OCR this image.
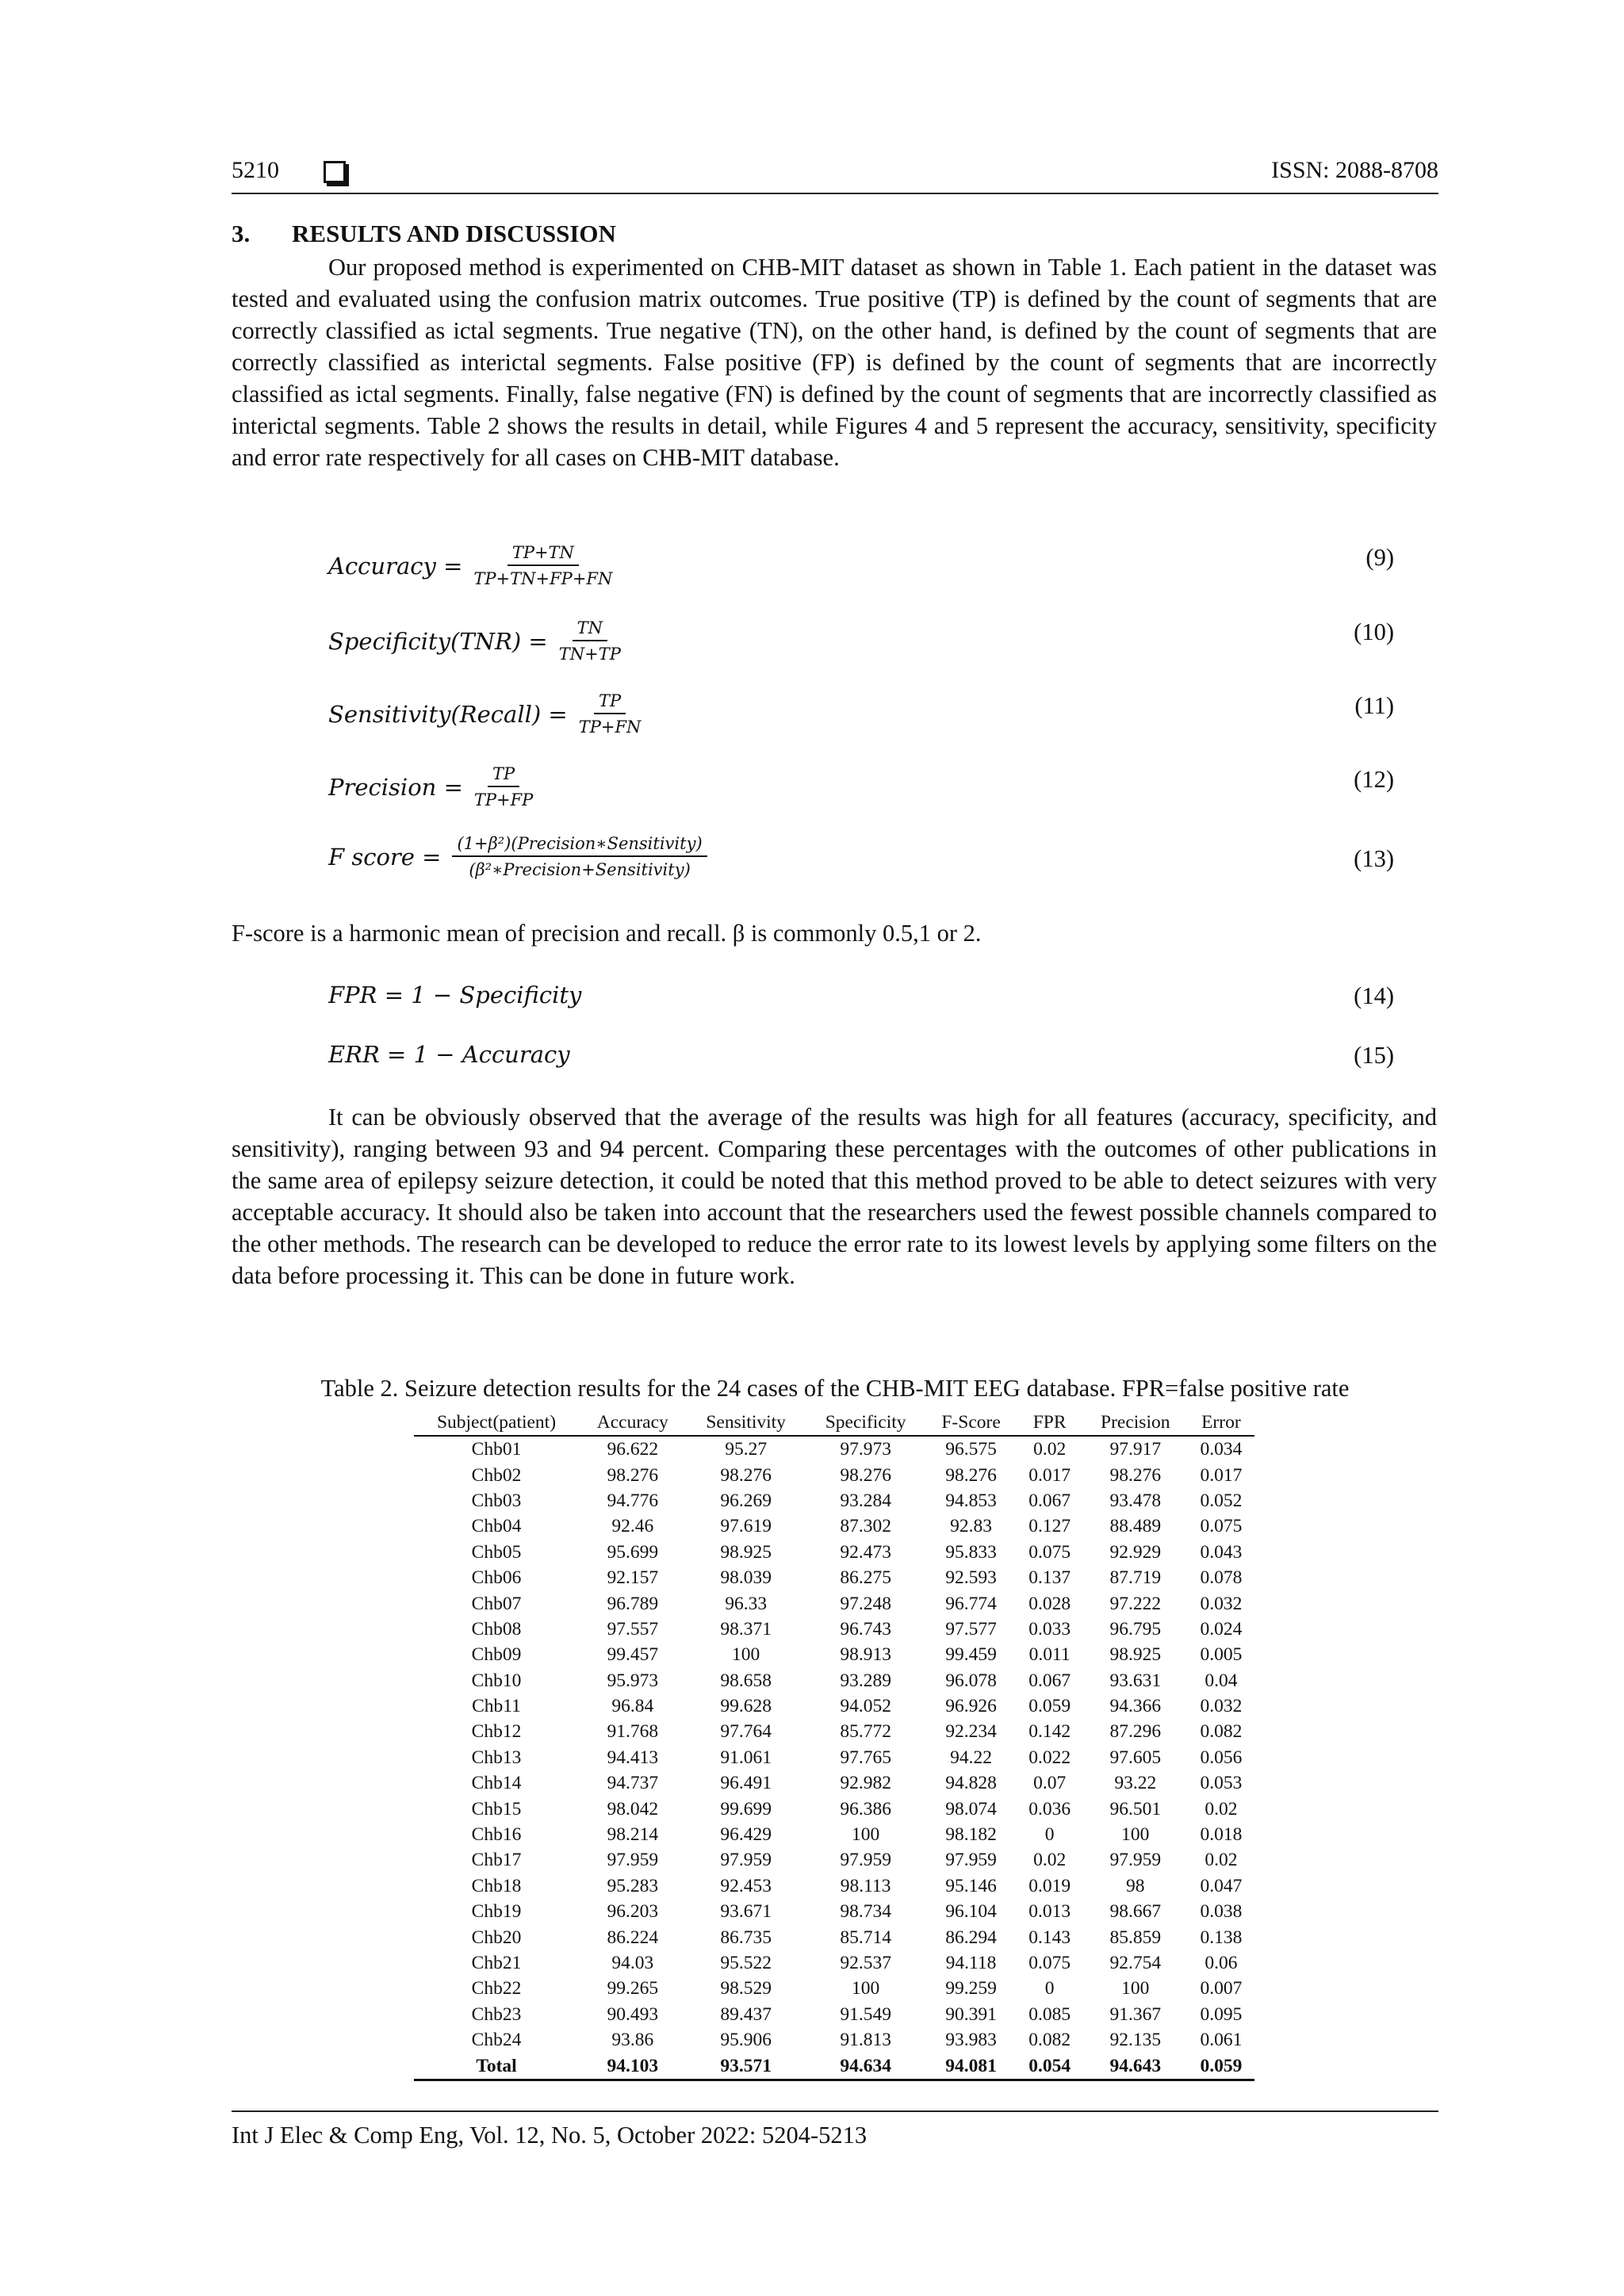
5210	ISSN: 2088-8708
3. RESULTS AND DISCUSSION
Our proposed method is experimented on CHB-MIT dataset as shown in Table 1. Each patient in the dataset was tested and evaluated using the confusion matrix outcomes. True positive (TP) is defined by the count of segments that are correctly classified as ictal segments. True negative (TN), on the other hand, is defined by the count of segments that are correctly classified as interictal segments. False positive (FP) is defined by the count of segments that are incorrectly classified as ictal segments. Finally, false negative (FN) is defined by the count of segments that are incorrectly classified as interictal segments. Table 2 shows the results in detail, while Figures 4 and 5 represent the accuracy, sensitivity, specificity and error rate respectively for all cases on CHB-MIT database.
Accuracy = $\frac{TP+TN}{TP+TN+FP+FN}$	(9)
Specificity(TNR) = $\frac{TN}{TN+TP}$	(10)
Sensitivity(Recall) = $\frac{TP}{TP+FN}$	(11)
Precision = $\frac{TP}{TP+FP}$	(12)
F score = $\frac{\text{(1+β²)(Precision∗Sensitivity)}}{\text{(β²∗Precision+Sensitivity)}}$	(13)
F-score is a harmonic mean of precision and recall. β is commonly 0.5,1 or 2.
FPR = 1 − Specificity	(14)
ERR = 1 − Accuracy	(15)
It can be obviously observed that the average of the results was high for all features (accuracy, specificity, and sensitivity), ranging between 93 and 94 percent. Comparing these percentages with the outcomes of other publications in the same area of epilepsy seizure detection, it could be noted that this method proved to be able to detect seizures with very acceptable accuracy. It should also be taken into account that the researchers used the fewest possible channels compared to the other methods. The research can be developed to reduce the error rate to its lowest levels by applying some filters on the data before processing it. This can be done in future work.
Table 2. Seizure detection results for the 24 cases of the CHB-MIT EEG database. FPR=false positive rate
Subject(patient)	Accuracy	Sensitivity	Specificity	F-Score	FPR	Precision	Error
Chb01	96.622	95.27	97.973	96.575	0.02	97.917	0.034
Chb02	98.276	98.276	98.276	98.276	0.017	98.276	0.017
Chb03	94.776	96.269	93.284	94.853	0.067	93.478	0.052
Chb04	92.46	97.619	87.302	92.83	0.127	88.489	0.075
Chb05	95.699	98.925	92.473	95.833	0.075	92.929	0.043
Chb06	92.157	98.039	86.275	92.593	0.137	87.719	0.078
Chb07	96.789	96.33	97.248	96.774	0.028	97.222	0.032
Chb08	97.557	98.371	96.743	97.577	0.033	96.795	0.024
Chb09	99.457	100	98.913	99.459	0.011	98.925	0.005
Chb10	95.973	98.658	93.289	96.078	0.067	93.631	0.04
Chb11	96.84	99.628	94.052	96.926	0.059	94.366	0.032
Chb12	91.768	97.764	85.772	92.234	0.142	87.296	0.082
Chb13	94.413	91.061	97.765	94.22	0.022	97.605	0.056
Chb14	94.737	96.491	92.982	94.828	0.07	93.22	0.053
Chb15	98.042	99.699	96.386	98.074	0.036	96.501	0.02
Chb16	98.214	96.429	100	98.182	0	100	0.018
Chb17	97.959	97.959	97.959	97.959	0.02	97.959	0.02
Chb18	95.283	92.453	98.113	95.146	0.019	98	0.047
Chb19	96.203	93.671	98.734	96.104	0.013	98.667	0.038
Chb20	86.224	86.735	85.714	86.294	0.143	85.859	0.138
Chb21	94.03	95.522	92.537	94.118	0.075	92.754	0.06
Chb22	99.265	98.529	100	99.259	0	100	0.007
Chb23	90.493	89.437	91.549	90.391	0.085	91.367	0.095
Chb24	93.86	95.906	91.813	93.983	0.082	92.135	0.061
Total	94.103	93.571	94.634	94.081	0.054	94.643	0.059
Int J Elec & Comp Eng, Vol. 12, No. 5, October 2022: 5204-5213
